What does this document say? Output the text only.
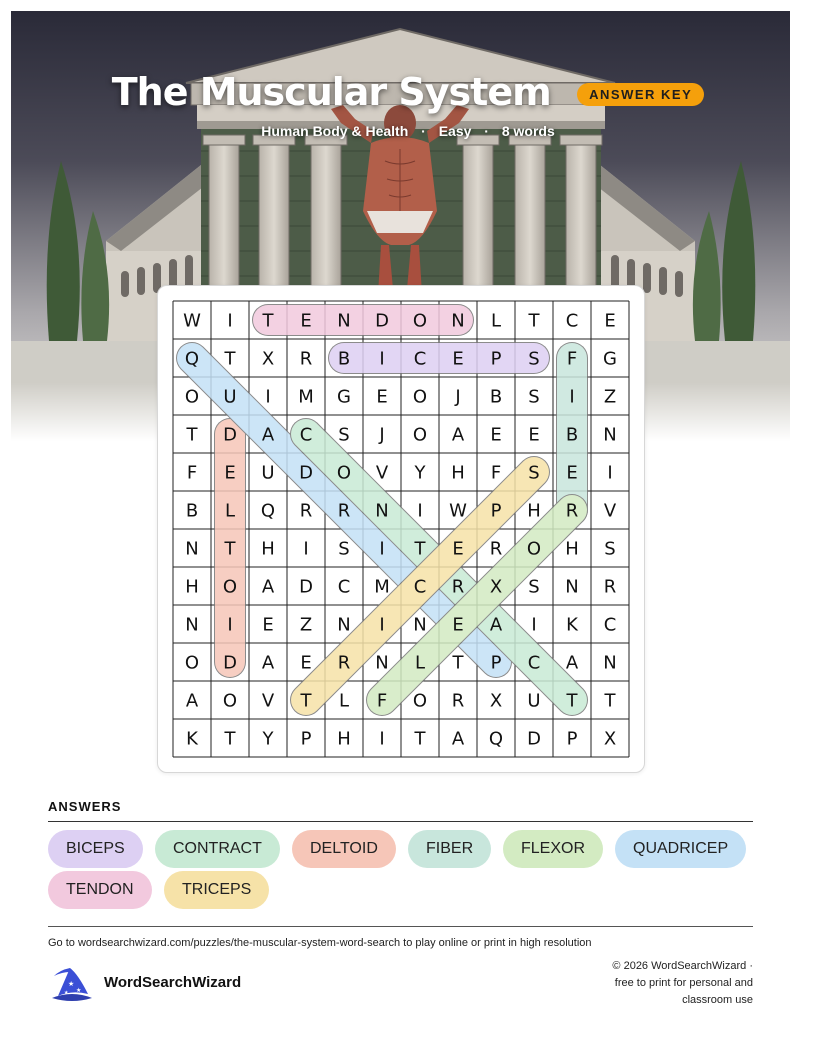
The Muscular System	ANSWER KEY
Human Body & Health · Easy · 8 words
W I T E N D O N L T C E
Q T X R B I C E P S F G
O U I M G E O J B S I Z
T D A C S J O A E E B N
F E U D O V Y H F S E I
B L Q R R N I W P H R V
N T H I S I T E R O H S
H O A D C M C R X S N R
N I E Z N I N E A I K C
O D A E R N L T P C A N
A O V T L F O R X U T T
K T Y P H I T A Q D P X
ANSWERS
BICEPS	CONTRACT	DELTOID	FIBER	FLEXOR	QUADRICEP
TENDON	TRICEPS
Go to wordsearchwizard.com/puzzles/the-muscular-system-word-search to play online or print in high resolution
★
★
★
WordSearchWizard
© 2026 WordSearchWizard ·
free to print for personal and
classroom use
